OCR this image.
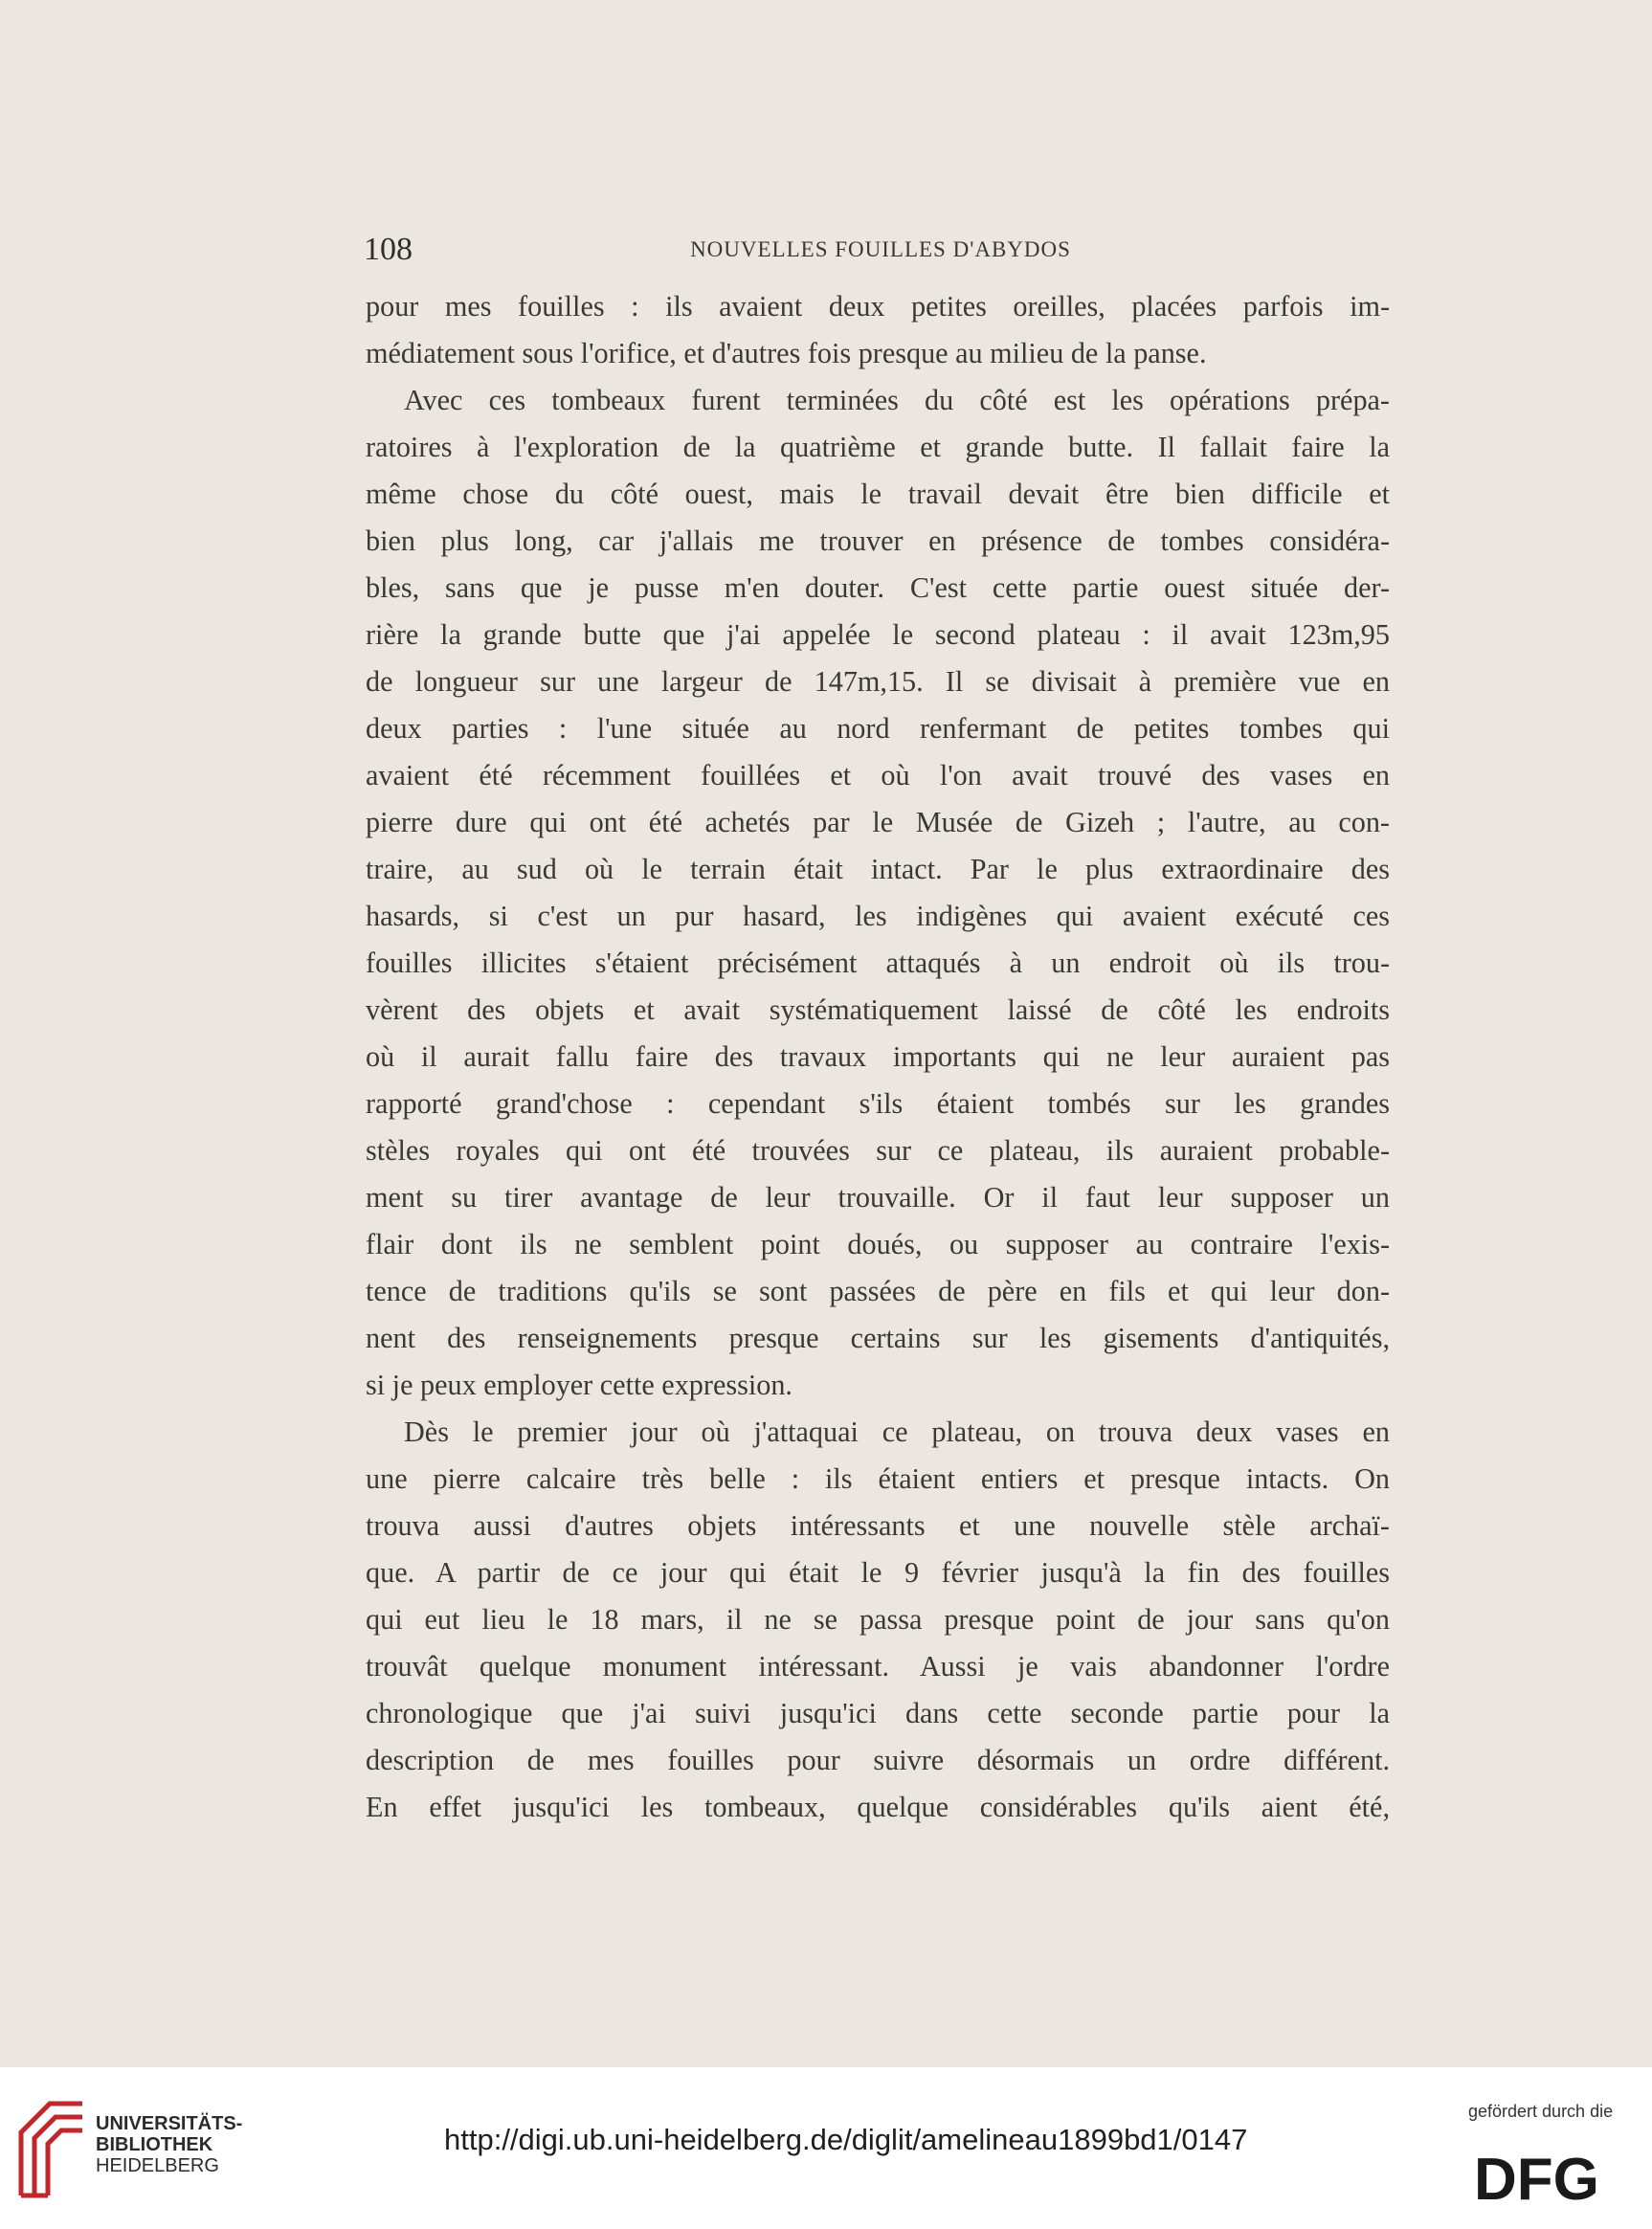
108	NOUVELLES FOUILLES D'ABYDOS
pour mes fouilles : ils avaient deux petites oreilles, placées parfois im-
médiatement sous l'orifice, et d'autres fois presque au milieu de la panse.
Avec ces tombeaux furent terminées du côté est les opérations prépa-
ratoires à l'exploration de la quatrième et grande butte. Il fallait faire la
même chose du côté ouest, mais le travail devait être bien difficile et
bien plus long, car j'allais me trouver en présence de tombes considéra-
bles, sans que je pusse m'en douter. C'est cette partie ouest située der-
rière la grande butte que j'ai appelée le second plateau : il avait 123m,95
de longueur sur une largeur de 147m,15. Il se divisait à première vue en
deux parties : l'une située au nord renfermant de petites tombes qui
avaient été récemment fouillées et où l'on avait trouvé des vases en
pierre dure qui ont été achetés par le Musée de Gizeh ; l'autre, au con-
traire, au sud où le terrain était intact. Par le plus extraordinaire des
hasards, si c'est un pur hasard, les indigènes qui avaient exécuté ces
fouilles illicites s'étaient précisément attaqués à un endroit où ils trou-
vèrent des objets et avait systématiquement laissé de côté les endroits
où il aurait fallu faire des travaux importants qui ne leur auraient pas
rapporté grand'chose : cependant s'ils étaient tombés sur les grandes
stèles royales qui ont été trouvées sur ce plateau, ils auraient probable-
ment su tirer avantage de leur trouvaille. Or il faut leur supposer un
flair dont ils ne semblent point doués, ou supposer au contraire l'exis-
tence de traditions qu'ils se sont passées de père en fils et qui leur don-
nent des renseignements presque certains sur les gisements d'antiquités,
si je peux employer cette expression.
Dès le premier jour où j'attaquai ce plateau, on trouva deux vases en
une pierre calcaire très belle : ils étaient entiers et presque intacts. On
trouva aussi d'autres objets intéressants et une nouvelle stèle archaï-
que. A partir de ce jour qui était le 9 février jusqu'à la fin des fouilles
qui eut lieu le 18 mars, il ne se passa presque point de jour sans qu'on
trouvât quelque monument intéressant. Aussi je vais abandonner l'ordre
chronologique que j'ai suivi jusqu'ici dans cette seconde partie pour la
description de mes fouilles pour suivre désormais un ordre différent.
En effet jusqu'ici les tombeaux, quelque considérables qu'ils aient été,
UNIVERSITÄTS-
BIBLIOTHEK
HEIDELBERG
http://digi.ub.uni-heidelberg.de/diglit/amelineau1899bd1/0147
gefördert durch die
DFG
